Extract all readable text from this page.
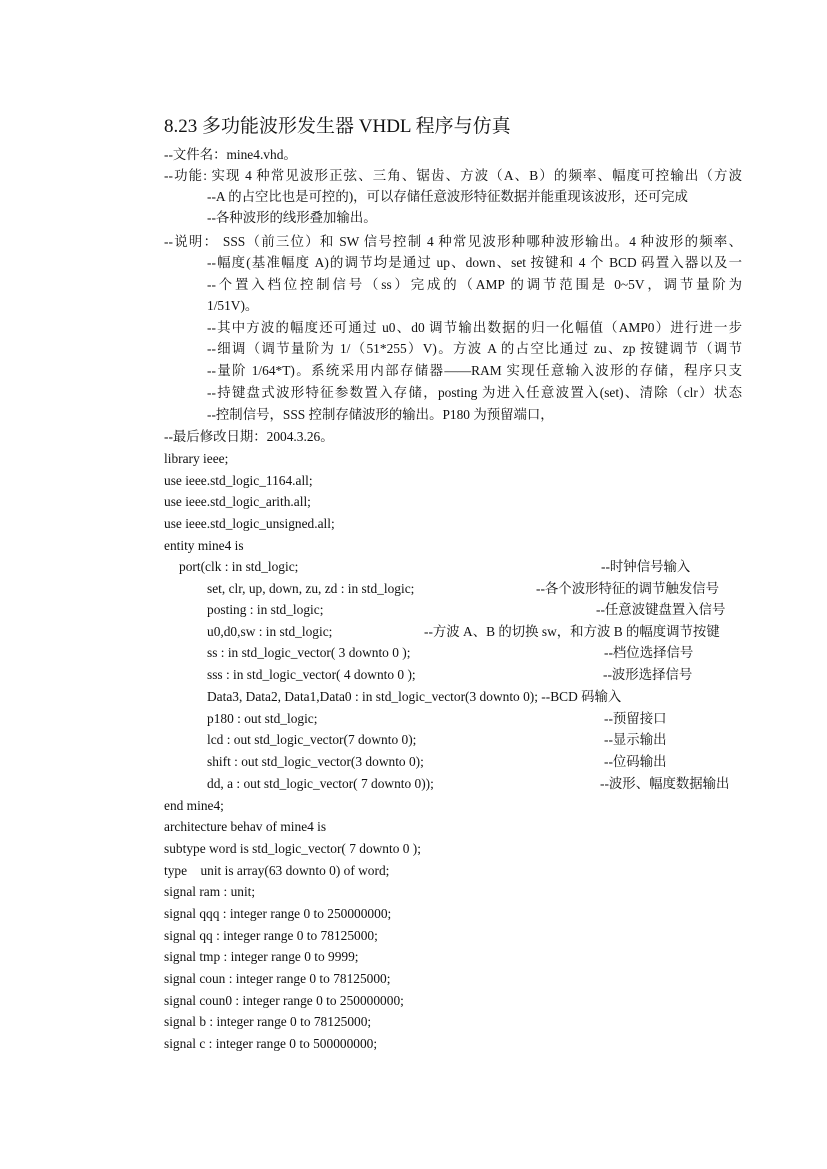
8.23 多功能波形发生器 VHDL 程序与仿真
--文件名：mine4.vhd。
--功能: 实现 4 种常见波形正弦、三角、锯齿、方波（A、B）的频率、幅度可控输出（方波
--A 的占空比也是可控的)，可以存储任意波形特征数据并能重现该波形，还可完成
--各种波形的线形叠加输出。
--说明： SSS（前三位）和 SW 信号控制 4 种常见波形种哪种波形输出。4 种波形的频率、
--幅度(基准幅度 A)的调节均是通过 up、down、set 按键和 4 个 BCD 码置入器以及一
--个置入档位控制信号（ss）完成的（AMP 的调节范围是 0~5V，调节量阶为
1/51V)。
--其中方波的幅度还可通过 u0、d0 调节输出数据的归一化幅值（AMP0）进行进一步
--细调（调节量阶为 1/（51*255）V)。方波 A 的占空比通过 zu、zp 按键调节（调节
--量阶 1/64*T)。系统采用内部存储器——RAM 实现任意输入波形的存储，程序只支
--持键盘式波形特征参数置入存储，posting 为进入任意波置入(set)、清除（clr）状态
--控制信号，SSS 控制存储波形的输出。P180 为预留端口，
--最后修改日期：2004.3.26。
library ieee;
use ieee.std_logic_1164.all;
use ieee.std_logic_arith.all;
use ieee.std_logic_unsigned.all;
entity mine4 is
port(clk : in std_logic;	--时钟信号输入
set, clr, up, down, zu, zd : in std_logic;	--各个波形特征的调节触发信号
posting : in std_logic;	--任意波键盘置入信号
u0,d0,sw : in std_logic;	--方波 A、B 的切换 sw，和方波 B 的幅度调节按键
ss : in std_logic_vector( 3 downto 0 );	--档位选择信号
sss : in std_logic_vector( 4 downto 0 );	--波形选择信号
Data3, Data2, Data1,Data0 : in std_logic_vector(3 downto 0); --BCD 码输入
p180 : out std_logic;	--预留接口
lcd : out std_logic_vector(7 downto 0);	--显示输出
shift : out std_logic_vector(3 downto 0);	--位码输出
dd, a : out std_logic_vector( 7 downto 0));	--波形、幅度数据输出
end mine4;
architecture behav of mine4 is
subtype word is std_logic_vector( 7 downto 0 );
type    unit is array(63 downto 0) of word;
signal ram : unit;
signal qqq : integer range 0 to 250000000;
signal qq : integer range 0 to 78125000;
signal tmp : integer range 0 to 9999;
signal coun : integer range 0 to 78125000;
signal coun0 : integer range 0 to 250000000;
signal b : integer range 0 to 78125000;
signal c : integer range 0 to 500000000;
